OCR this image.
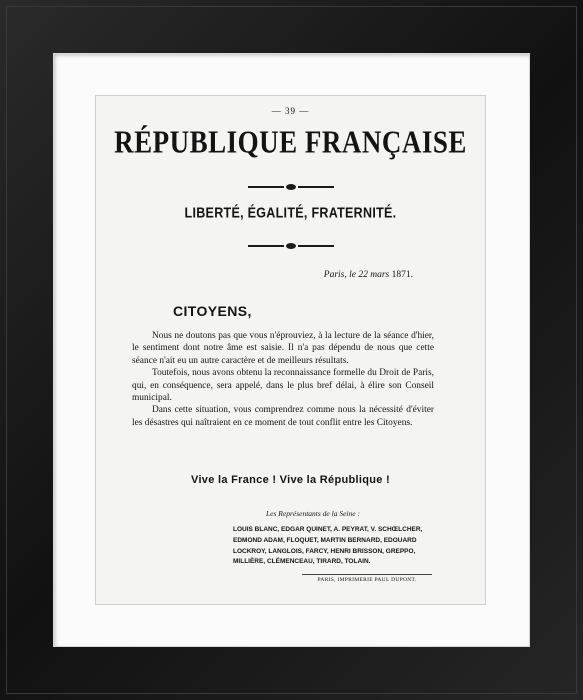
— 39 —
RÉPUBLIQUE FRANÇAISE
LIBERTÉ, ÉGALITÉ, FRATERNITÉ.
Paris, le 22 mars 1871.
CITOYENS,

Nous ne doutons pas que vous n'éprouviez, à la lecture de la séance d'hier, le sentiment dont notre âme est saisie. Il n'a pas dépendu de nous que cette séance n'ait eu un autre caractère et de meilleurs résultats.

Toutefois, nous avons obtenu la reconnaissance formelle du Droit de Paris, qui, en conséquence, sera appelé, dans le plus bref délai, à élire son Conseil municipal.

Dans cette situation, vous comprendrez comme nous la nécessité d'éviter les désastres qui naîtraient en ce moment de tout conflit entre les Citoyens.

Vive la France ! Vive la République !
Les Représentants de la Seine :
LOUIS BLANC, EDGAR QUINET, A. PEYRAT, V. SCHŒLCHER,
EDMOND ADAM, FLOQUET, MARTIN BERNARD, EDOUARD
LOCKROY, LANGLOIS, FARCY, HENRI BRISSON, GREPPO,
MILLIÈRE, CLÉMENCEAU, TIRARD, TOLAIN.
PARIS, IMPRIMERIE PAUL DUPONT.
